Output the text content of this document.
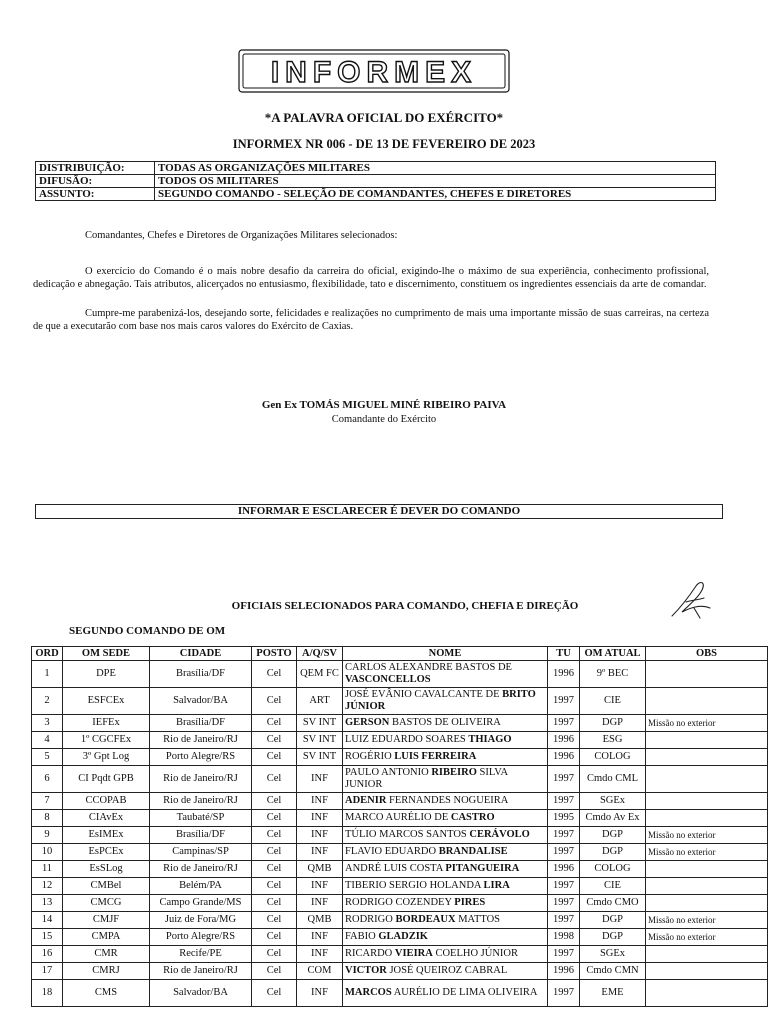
INFORMEX
*A PALAVRA OFICIAL DO EXÉRCITO*
INFORMEX NR 006 - DE 13 DE FEVEREIRO DE 2023
DISTRIBUIÇÃO:	TODAS AS ORGANIZAÇÕES MILITARES
DIFUSÃO:	TODOS OS MILITARES
ASSUNTO:	SEGUNDO COMANDO - SELEÇÃO DE COMANDANTES, CHEFES E DIRETORES
Comandantes, Chefes e Diretores de Organizações Militares selecionados:
O exercício do Comando é o mais nobre desafio da carreira do oficial, exigindo-lhe o máximo de sua experiência, conhecimento profissional, dedicação e abnegação. Tais atributos, alicerçados no entusiasmo, flexibilidade, tato e discernimento, constituem os ingredientes essenciais da arte de comandar.
Cumpre-me parabenizá-los, desejando sorte, felicidades e realizações no cumprimento de mais uma importante missão de suas carreiras, na certeza de que a executarão com base nos mais caros valores do Exército de Caxias.
Gen Ex TOMÁS MIGUEL MINÉ RIBEIRO PAIVA
Comandante do Exército
INFORMAR E ESCLARECER É DEVER DO COMANDO
OFICIAIS SELECIONADOS PARA COMANDO, CHEFIA E DIREÇÃO
SEGUNDO COMANDO DE OM
ORD	OM SEDE	CIDADE	POSTO	A/Q/SV	NOME	TU	OM ATUAL	OBS
1	DPE	Brasília/DF	Cel	QEM FC	CARLOS ALEXANDRE BASTOS DE VASCONCELLOS	1996	9º BEC	
2	ESFCEx	Salvador/BA	Cel	ART	JOSÉ EVÂNIO CAVALCANTE DE BRITO JÚNIOR	1997	CIE	
3	IEFEx	Brasília/DF	Cel	SV INT	GERSON BASTOS DE OLIVEIRA	1997	DGP	Missão no exterior
4	1º CGCFEx	Rio de Janeiro/RJ	Cel	SV INT	LUIZ EDUARDO SOARES THIAGO	1996	ESG	
5	3º Gpt Log	Porto Alegre/RS	Cel	SV INT	ROGÉRIO LUIS FERREIRA	1996	COLOG	
6	CI Pqdt GPB	Rio de Janeiro/RJ	Cel	INF	PAULO ANTONIO RIBEIRO SILVA JUNIOR	1997	Cmdo CML	
7	CCOPAB	Rio de Janeiro/RJ	Cel	INF	ADENIR FERNANDES NOGUEIRA	1997	SGEx	
8	CIAvEx	Taubaté/SP	Cel	INF	MARCO AURÉLIO DE CASTRO	1995	Cmdo Av Ex	
9	EsIMEx	Brasília/DF	Cel	INF	TÚLIO MARCOS SANTOS CERÁVOLO	1997	DGP	Missão no exterior
10	EsPCEx	Campinas/SP	Cel	INF	FLAVIO EDUARDO BRANDALISE	1997	DGP	Missão no exterior
11	EsSLog	Rio de Janeiro/RJ	Cel	QMB	ANDRÉ LUIS COSTA PITANGUEIRA	1996	COLOG	
12	CMBel	Belém/PA	Cel	INF	TIBERIO SERGIO HOLANDA LIRA	1997	CIE	
13	CMCG	Campo Grande/MS	Cel	INF	RODRIGO COZENDEY PIRES	1997	Cmdo CMO	
14	CMJF	Juiz de Fora/MG	Cel	QMB	RODRIGO BORDEAUX MATTOS	1997	DGP	Missão no exterior
15	CMPA	Porto Alegre/RS	Cel	INF	FABIO GLADZIK	1998	DGP	Missão no exterior
16	CMR	Recife/PE	Cel	INF	RICARDO VIEIRA COELHO JÚNIOR	1997	SGEx	
17	CMRJ	Rio de Janeiro/RJ	Cel	COM	VICTOR JOSÉ QUEIROZ CABRAL	1996	Cmdo CMN	
18	CMS	Salvador/BA	Cel	INF	MARCOS AURÉLIO DE LIMA OLIVEIRA	1997	EME	
